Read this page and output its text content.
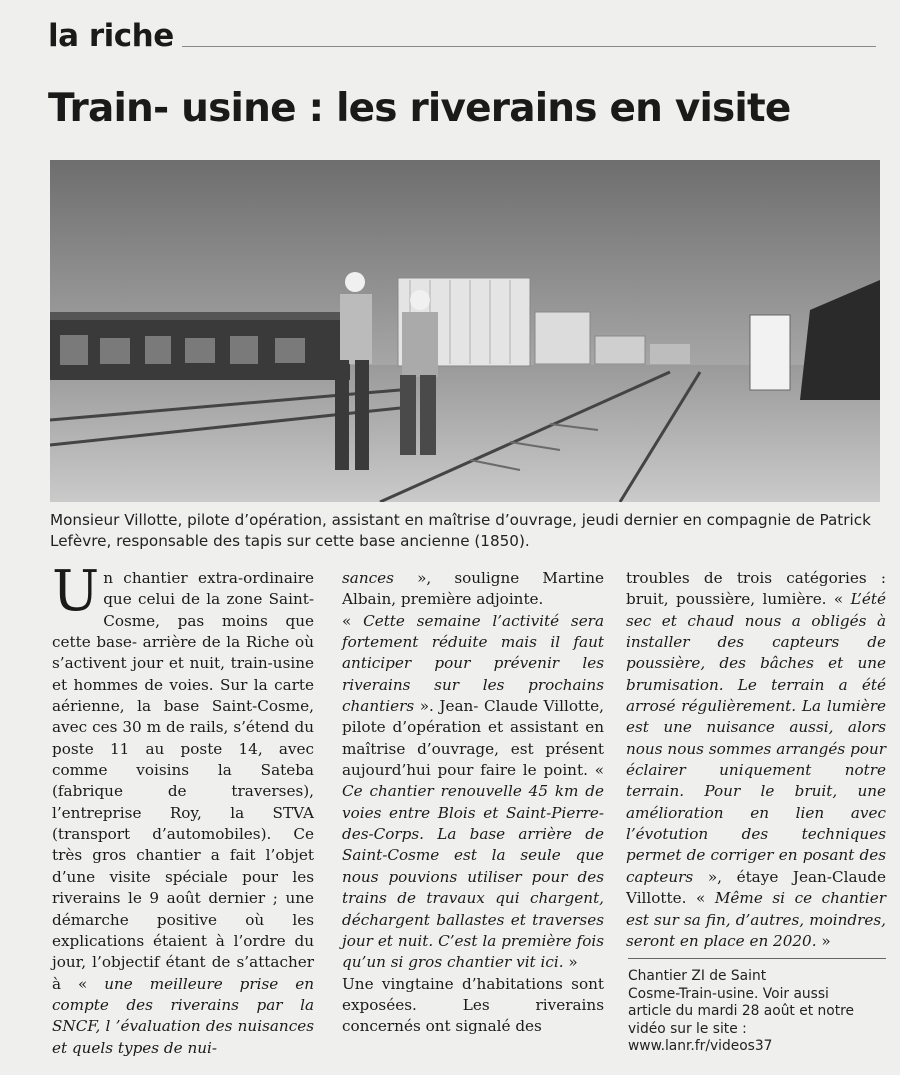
la riche
Train- usine : les riverains en visite
Monsieur Villotte, pilote d’opération, assistant en maîtrise d’ouvrage, jeudi dernier en compagnie de Patrick Lefèvre, responsable des tapis sur cette base ancienne (1850).

Un chantier extra-ordinaire que celui de la zone Saint-Cosme, pas moins que cette base- arrière de la Riche où s’activent jour et nuit, train-usine et hommes de voies. Sur la carte aérienne, la base Saint-Cosme, avec ces 30 m de rails, s’étend du poste 11 au poste 14, avec comme voisins la Sateba (fabrique de traverses), l’entreprise Roy, la STVA (transport d’automobiles). Ce très gros chantier a fait l’objet d’une visite spéciale pour les riverains le 9 août dernier ; une démarche positive où les explications étaient à l’ordre du jour, l’objectif étant de s’attacher à « une meilleure prise en compte des riverains par la SNCF, l ’évaluation des nuisances et quels types de nui-

sances », souligne Martine Albain, première adjointe.
« Cette semaine l’activité sera fortement réduite mais il faut anticiper pour prévenir les riverains sur les prochains chantiers ». Jean- Claude Villotte, pilote d’opération et assistant en maîtrise d’ouvrage, est présent aujourd’hui pour faire le point. « Ce chantier renouvelle 45 km de voies entre Blois et Saint-Pierre-des-Corps. La base arrière de Saint-Cosme est la seule que nous pouvions utiliser pour des trains de travaux qui chargent, déchargent ballastes et traverses jour et nuit. C’est la première fois qu’un si gros chantier vit ici. »
Une vingtaine d’habitations sont exposées. Les riverains concernés ont signalé des

troubles de trois catégories : bruit, poussière, lumière. « L’été sec et chaud nous a obligés à installer des capteurs de poussière, des bâches et une brumisation. Le terrain a été arrosé régulièrement. La lumière est une nuisance aussi, alors nous nous sommes arrangés pour éclairer uniquement notre terrain. Pour le bruit, une amélioration en lien avec l’évotution des techniques permet de corriger en posant des capteurs », étaye Jean-Claude Villotte. « Même si ce chantier est sur sa fin, d’autres, moindres, seront en place en 2020. »

Chantier ZI de Saint
Cosme-Train-usine. Voir aussi
article du mardi 28 août et notre
vidéo sur le site :
www.lanr.fr/videos37
